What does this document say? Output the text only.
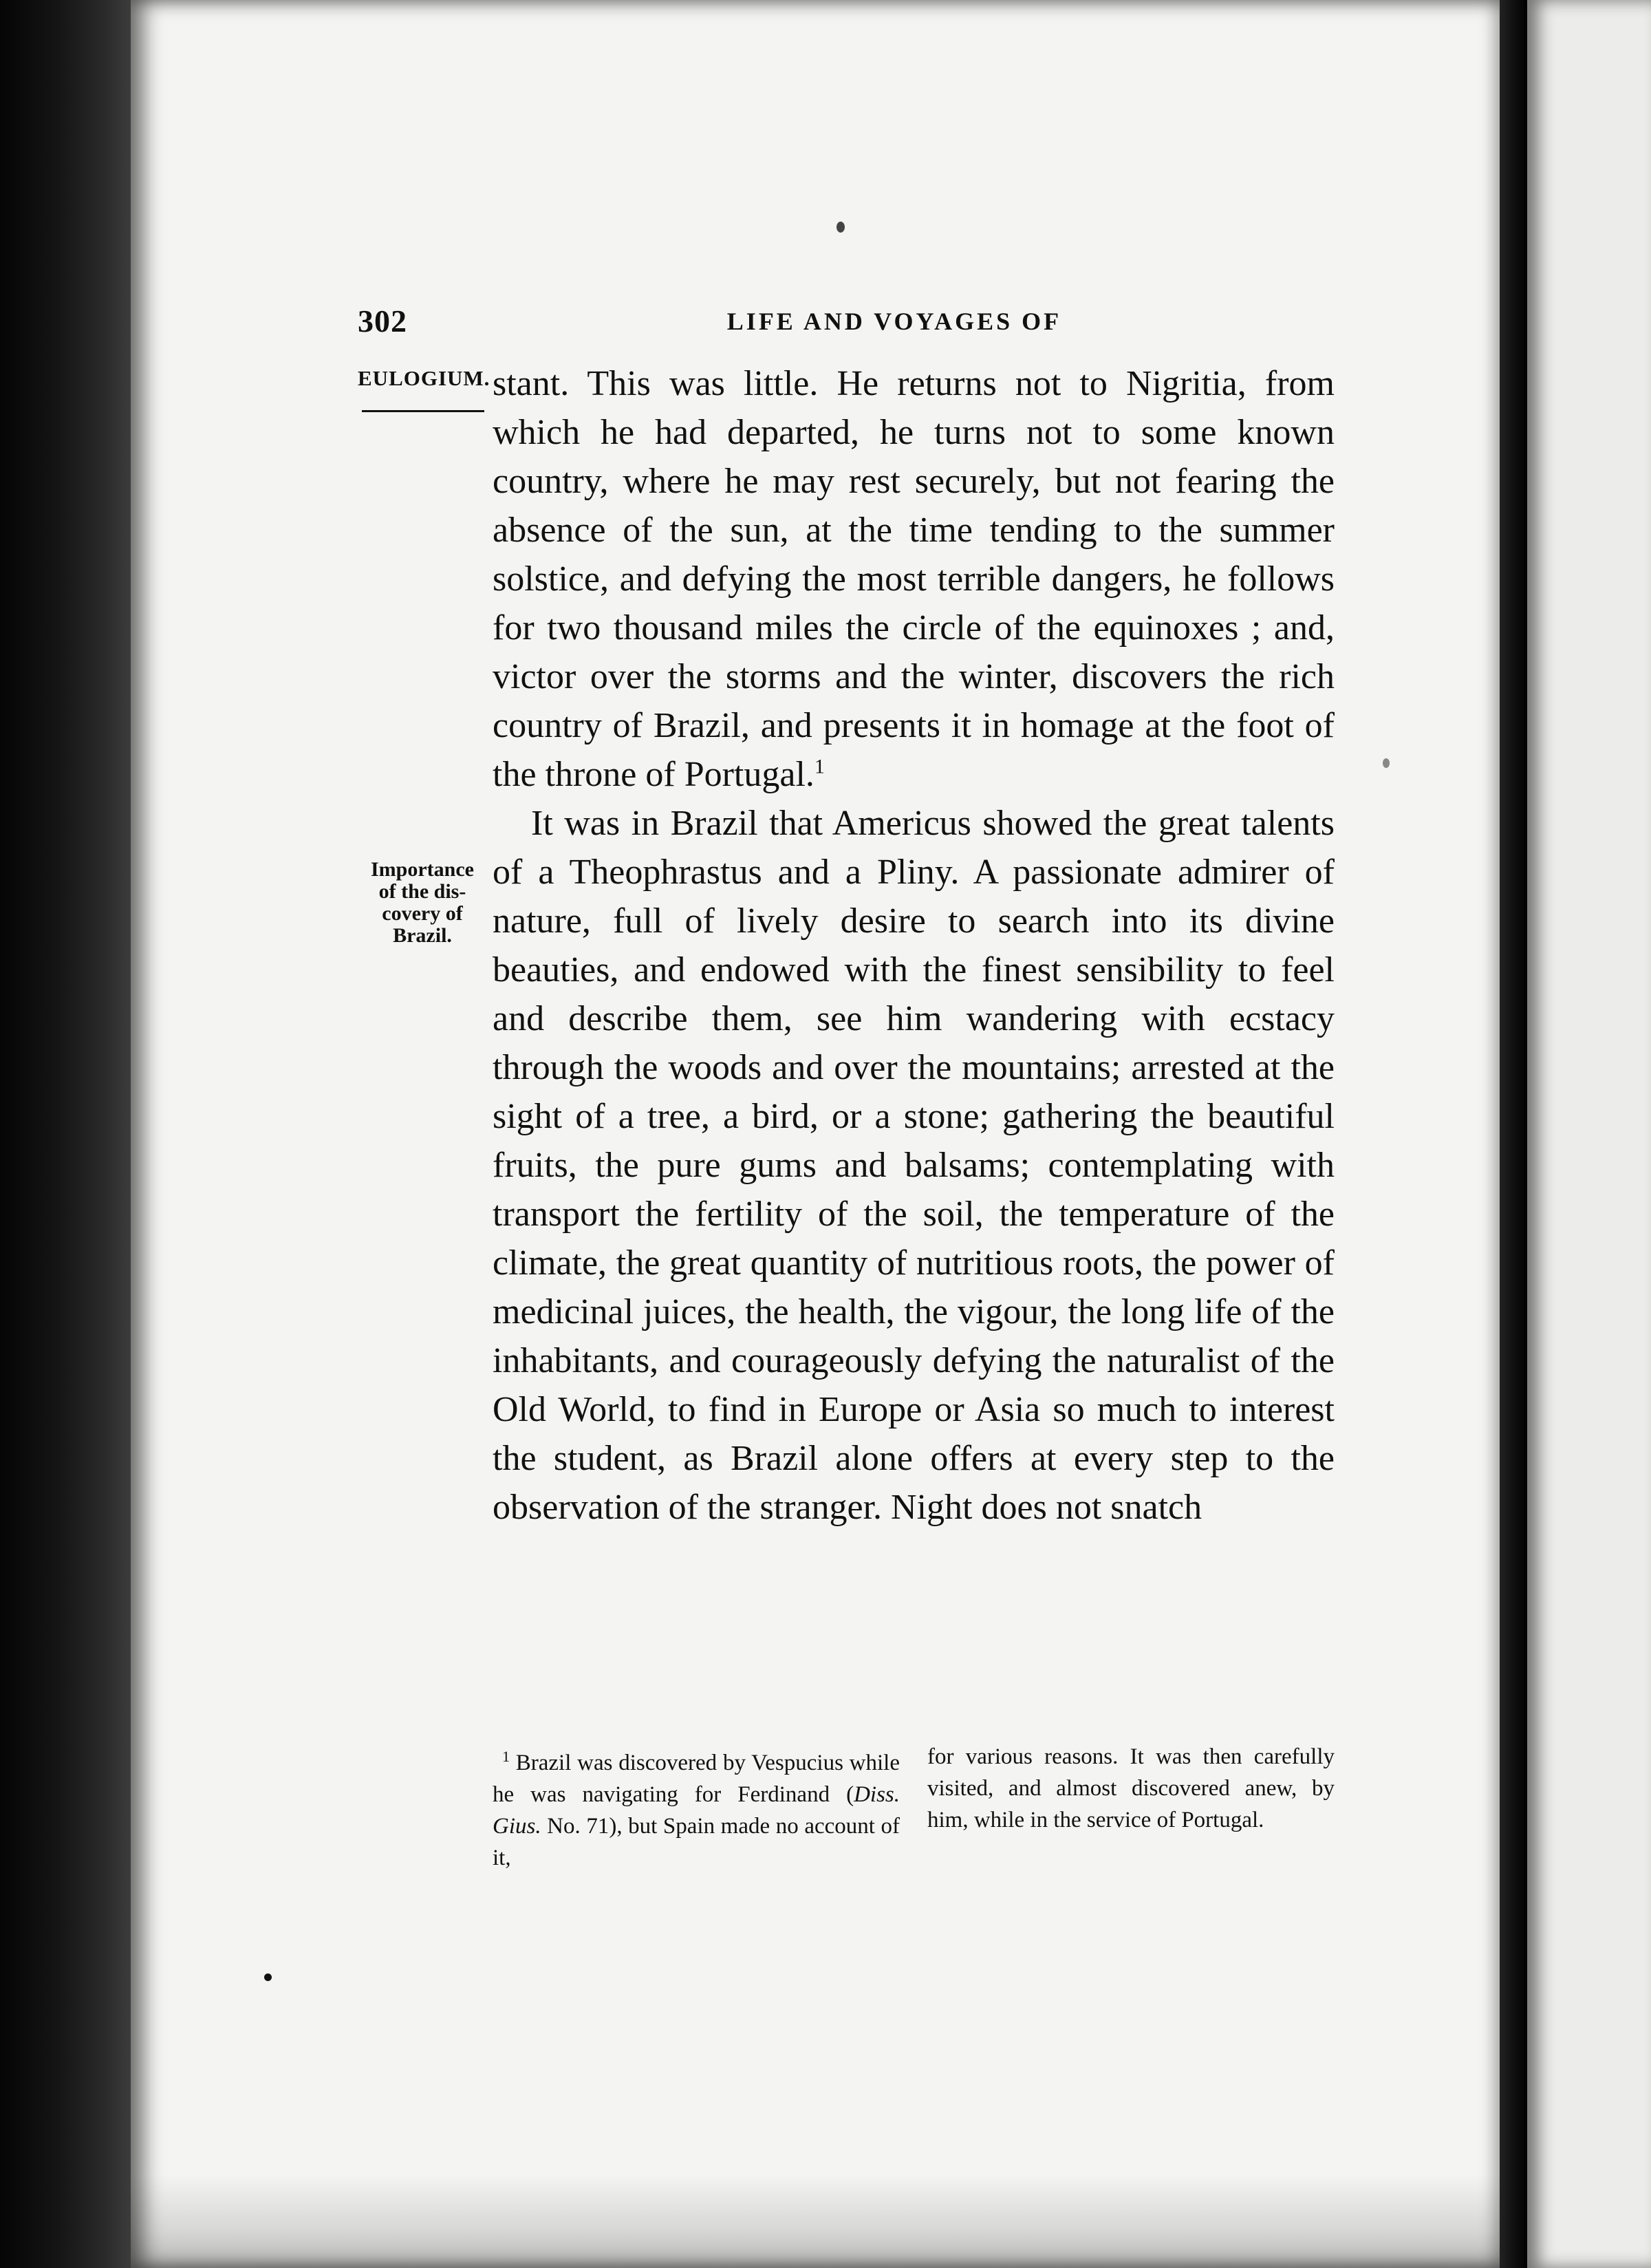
302	LIFE AND VOYAGES OF
EULOGIUM.
Importance
of the dis-
covery of
Brazil.

stant. This was little. He returns not to Nigritia, from which he had departed, he turns not to some known country, where he may rest securely, but not fearing the absence of the sun, at the time tending to the summer solstice, and defying the most terrible dangers, he follows for two thousand miles the circle of the equinoxes ; and, victor over the storms and the winter, discovers the rich country of Brazil, and presents it in homage at the foot of the throne of Portugal.$^1$

It was in Brazil that Americus showed the great talents of a Theophrastus and a Pliny. A passionate admirer of nature, full of lively desire to search into its divine beauties, and endowed with the finest sensibility to feel and describe them, see him wandering with ecstacy through the woods and over the mountains; arrested at the sight of a tree, a bird, or a stone; gathering the beautiful fruits, the pure gums and balsams; contemplating with transport the fertility of the soil, the temperature of the climate, the great quantity of nutritious roots, the power of medicinal juices, the health, the vigour, the long life of the inhabitants, and courageously defying the naturalist of the Old World, to find in Europe or Asia so much to interest the student, as Brazil alone offers at every step to the observation of the stranger. Night does not snatch

$^1$ Brazil was discovered by Vespucius while he was navigating for Ferdinand (Diss. Gius. No. 71), but Spain made no account of it,

for various reasons. It was then carefully visited, and almost discovered anew, by him, while in the service of Portugal.
